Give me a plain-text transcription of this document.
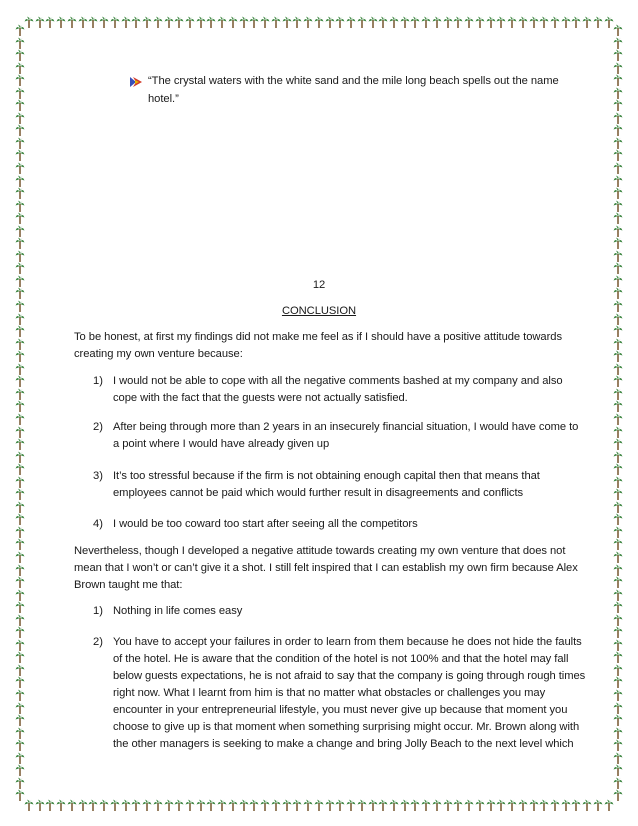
“The crystal waters with the white sand and the mile long beach spells out the name
hotel.”
12
CONCLUSION
To be honest, at first my findings did not make me feel as if I should have a positive attitude towards
creating my own venture because:
1) I would not be able to cope with all the negative comments bashed at my company and also
cope with the fact that the guests were not actually satisfied.
2) After being through more than 2 years in an insecurely financial situation, I would have come to
a point where I would have already given up
3) It’s too stressful because if the firm is not obtaining enough capital then that means that
employees cannot be paid which would further result in disagreements and conflicts
4) I would be too coward too start after seeing all the competitors
Nevertheless, though I developed a negative attitude towards creating my own venture that does not
mean that I won’t or can’t give it a shot. I still felt inspired that I can establish my own firm because Alex
Brown taught me that:
1) Nothing in life comes easy
2) You have to accept your failures in order to learn from them because he does not hide the faults
of the hotel. He is aware that the condition of the hotel is not 100% and that the hotel may fall
below guests expectations, he is not afraid to say that the company is going through rough times
right now. What I learnt from him is that no matter what obstacles or challenges you may
encounter in your entrepreneurial lifestyle, you must never give up because that moment you
choose to give up is that moment when something surprising might occur. Mr. Brown along with
the other managers is seeking to make a change and bring Jolly Beach to the next level which
